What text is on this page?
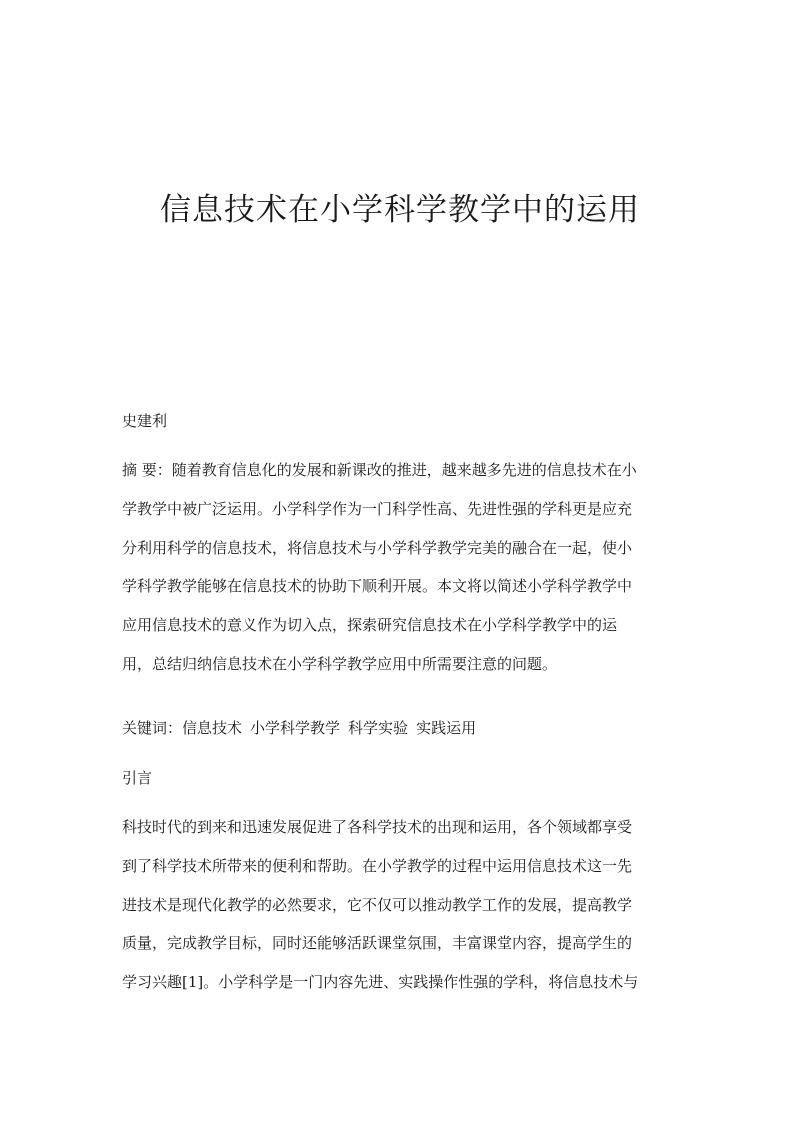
信息技术在小学科学教学中的运用
史建利
摘 要：随着教育信息化的发展和新课改的推进，越来越多先进的信息技术在小
学教学中被广泛运用。小学科学作为一门科学性高、先进性强的学科更是应充
分利用科学的信息技术，将信息技术与小学科学教学完美的融合在一起，使小
学科学教学能够在信息技术的协助下顺利开展。本文将以简述小学科学教学中
应用信息技术的意义作为切入点，探索研究信息技术在小学科学教学中的运
用，总结归纳信息技术在小学科学教学应用中所需要注意的问题。
关键词：信息技术 小学科学教学 科学实验 实践运用
引言
科技时代的到来和迅速发展促进了各科学技术的出现和运用，各个领域都享受
到了科学技术所带来的便利和帮助。在小学教学的过程中运用信息技术这一先
进技术是现代化教学的必然要求，它不仅可以推动教学工作的发展，提高教学
质量，完成教学目标，同时还能够活跃课堂氛围，丰富课堂内容，提高学生的
学习兴趣[1]。小学科学是一门内容先进、实践操作性强的学科，将信息技术与
